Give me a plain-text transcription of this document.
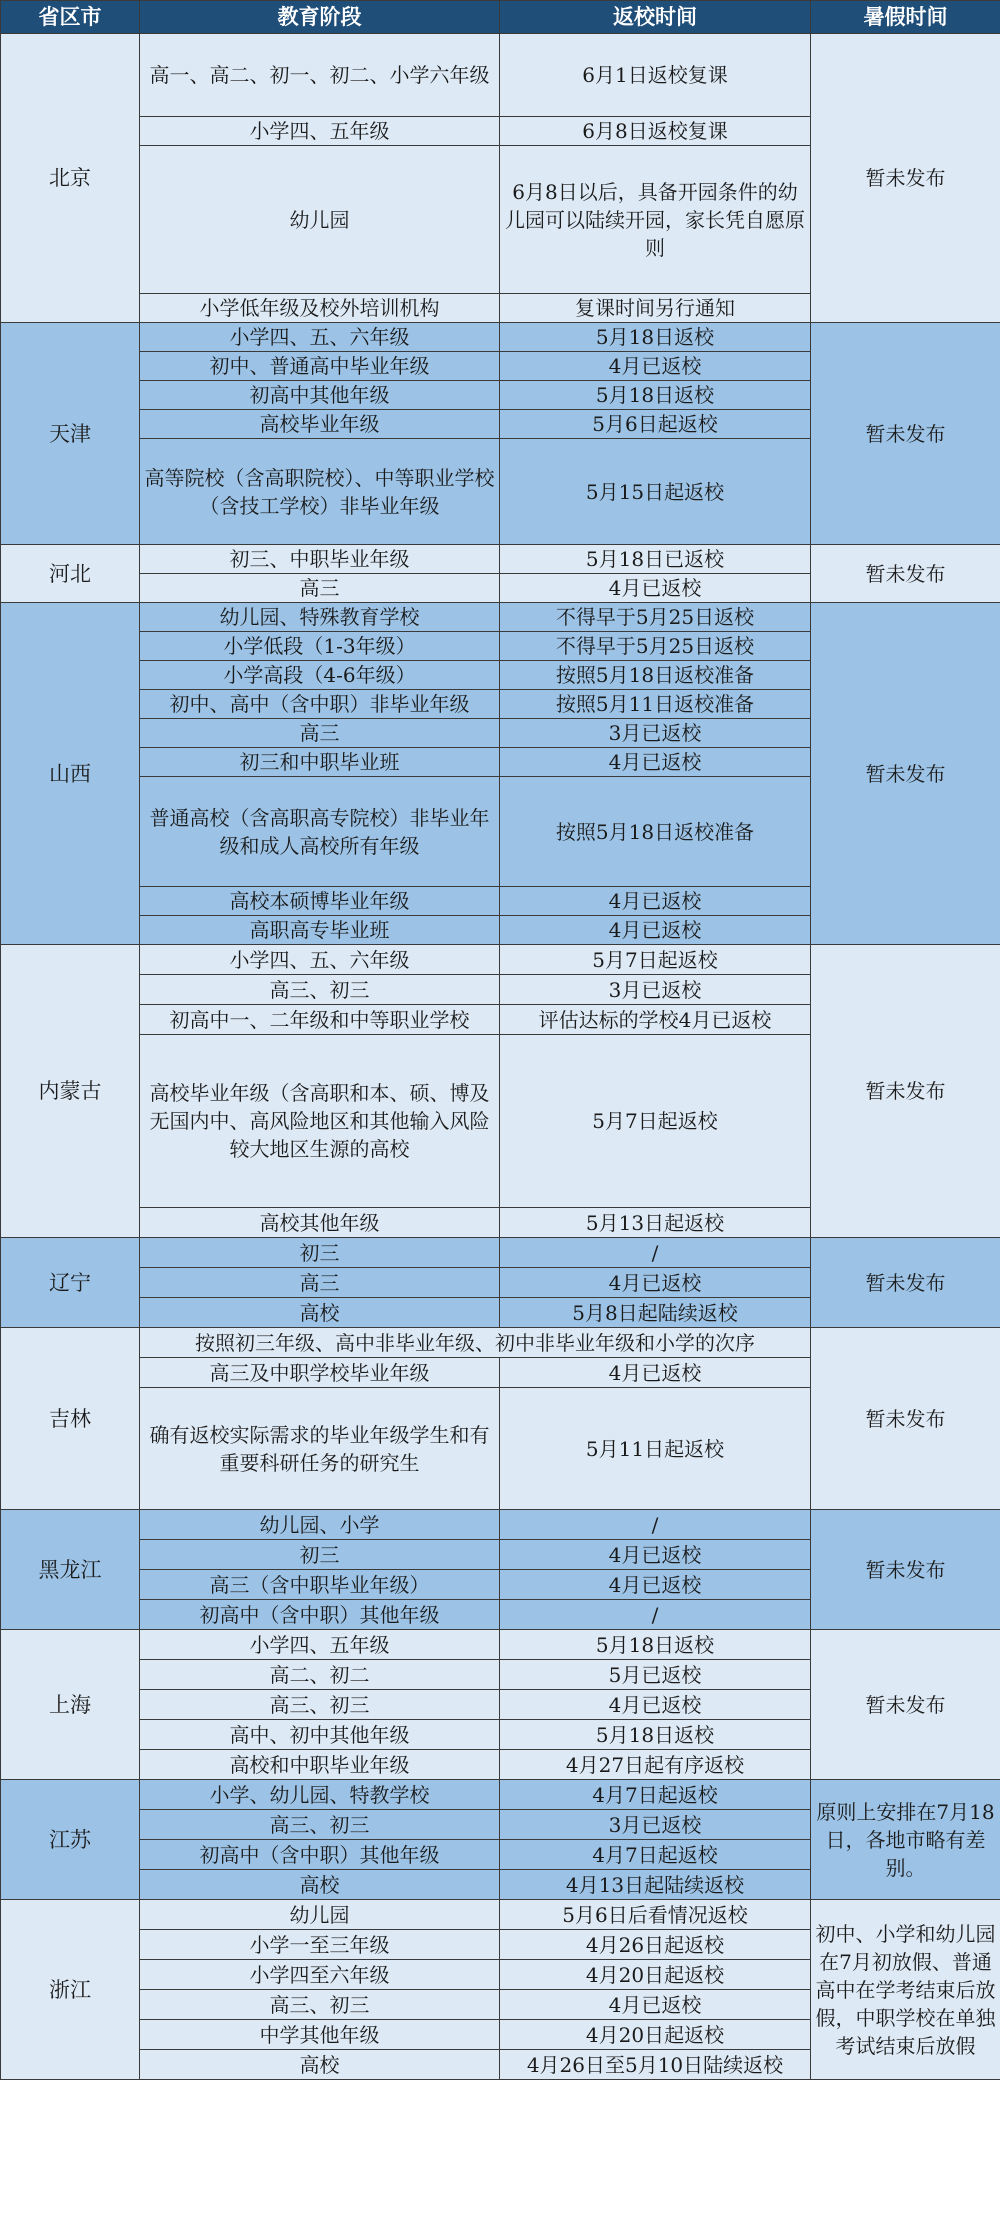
省区市	教育阶段	返校时间	暑假时间
北京	高一、高二、初一、初二、小学六年级	6月1日返校复课	暂未发布
	小学四、五年级	6月8日返校复课	
	幼儿园	6月8日以后，具备开园条件的幼儿园可以陆续开园，家长凭自愿原则	
	小学低年级及校外培训机构	复课时间另行通知	
天津	小学四、五、六年级	5月18日返校	暂未发布
	初中、普通高中毕业年级	4月已返校	
	初高中其他年级	5月18日返校	
	高校毕业年级	5月6日起返校	
	高等院校（含高职院校）、中等职业学校（含技工学校）非毕业年级	5月15日起返校	
河北	初三、中职毕业年级	5月18日已返校	暂未发布
	高三	4月已返校	
山西	幼儿园、特殊教育学校	不得早于5月25日返校	暂未发布
	小学低段（1-3年级）	不得早于5月25日返校	
	小学高段（4-6年级）	按照5月18日返校准备	
	初中、高中（含中职）非毕业年级	按照5月11日返校准备	
	高三	3月已返校	
	初三和中职毕业班	4月已返校	
	普通高校（含高职高专院校）非毕业年级和成人高校所有年级	按照5月18日返校准备	
	高校本硕博毕业年级	4月已返校	
	高职高专毕业班	4月已返校	
内蒙古	小学四、五、六年级	5月7日起返校	暂未发布
	高三、初三	3月已返校	
	初高中一、二年级和中等职业学校	评估达标的学校4月已返校	
	高校毕业年级（含高职和本、硕、博及无国内中、高风险地区和其他输入风险较大地区生源的高校	5月7日起返校	
	高校其他年级	5月13日起返校	
辽宁	初三	/	暂未发布
	高三	4月已返校	
	高校	5月8日起陆续返校	
吉林	按照初三年级、高中非毕业年级、初中非毕业年级和小学的次序		暂未发布
	高三及中职学校毕业年级	4月已返校	
	确有返校实际需求的毕业年级学生和有重要科研任务的研究生	5月11日起返校	
黑龙江	幼儿园、小学	/	暂未发布
	初三	4月已返校	
	高三（含中职毕业年级）	4月已返校	
	初高中（含中职）其他年级	/	
上海	小学四、五年级	5月18日返校	暂未发布
	高二、初二	5月已返校	
	高三、初三	4月已返校	
	高中、初中其他年级	5月18日返校	
	高校和中职毕业年级	4月27日起有序返校	
江苏	小学、幼儿园、特教学校	4月7日起返校	原则上安排在7月18日，各地市略有差别。
	高三、初三	3月已返校	
	初高中（含中职）其他年级	4月7日起返校	
	高校	4月13日起陆续返校	
浙江	幼儿园	5月6日后看情况返校	初中、小学和幼儿园在7月初放假、普通高中在学考结束后放假，中职学校在单独考试结束后放假
	小学一至三年级	4月26日起返校	
	小学四至六年级	4月20日起返校	
	高三、初三	4月已返校	
	中学其他年级	4月20日起返校	
	高校	4月26日至5月10日陆续返校	
